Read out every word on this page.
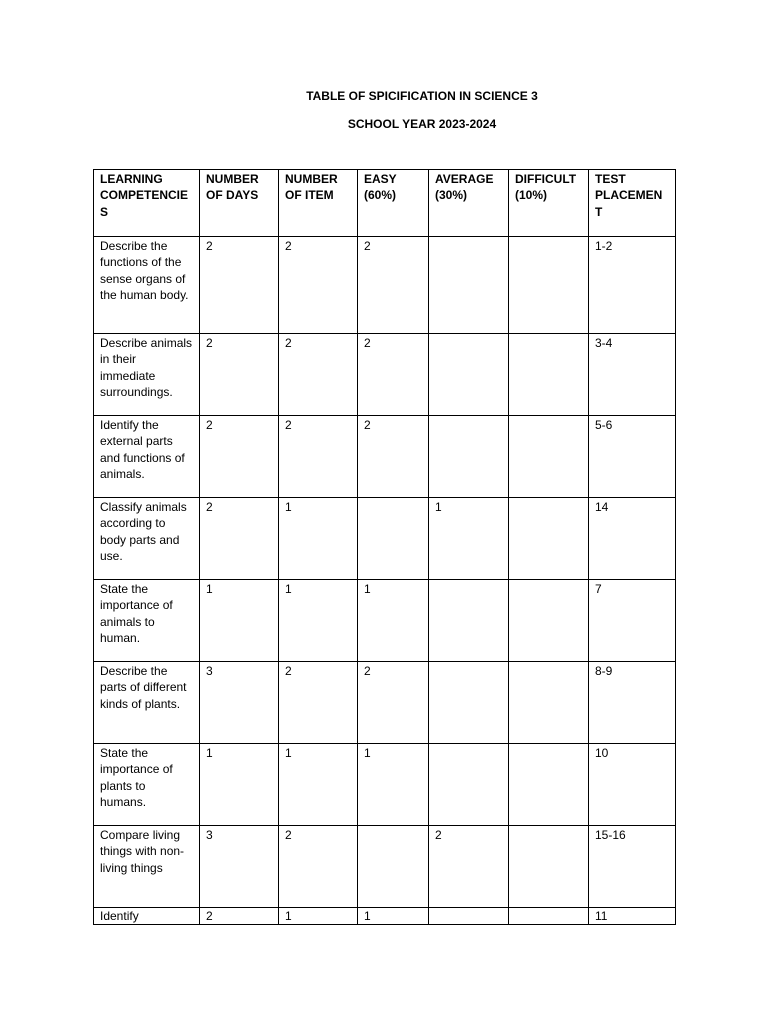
TABLE OF SPICIFICATION IN SCIENCE 3
SCHOOL YEAR 2023-2024
LEARNING COMPETENCIE S	NUMBER OF DAYS	NUMBER OF ITEM	EASY (60%)	AVERAGE (30%)	DIFFICULT (10%)	TEST PLACEMENT
Describe the functions of the sense organs of the human body.	2	2	2			1-2
Describe animals in their immediate surroundings.	2	2	2			3-4
Identify the external parts and functions of animals.	2	2	2			5-6
Classify animals according to body parts and use.	2	1		1		14
State the importance of animals to human.	1	1	1			7
Describe the parts of different kinds of plants.	3	2	2			8-9
State the importance of plants to humans.	1	1	1			10
Compare living things with non-living things	3	2		2		15-16
Identify	2	1	1			11
